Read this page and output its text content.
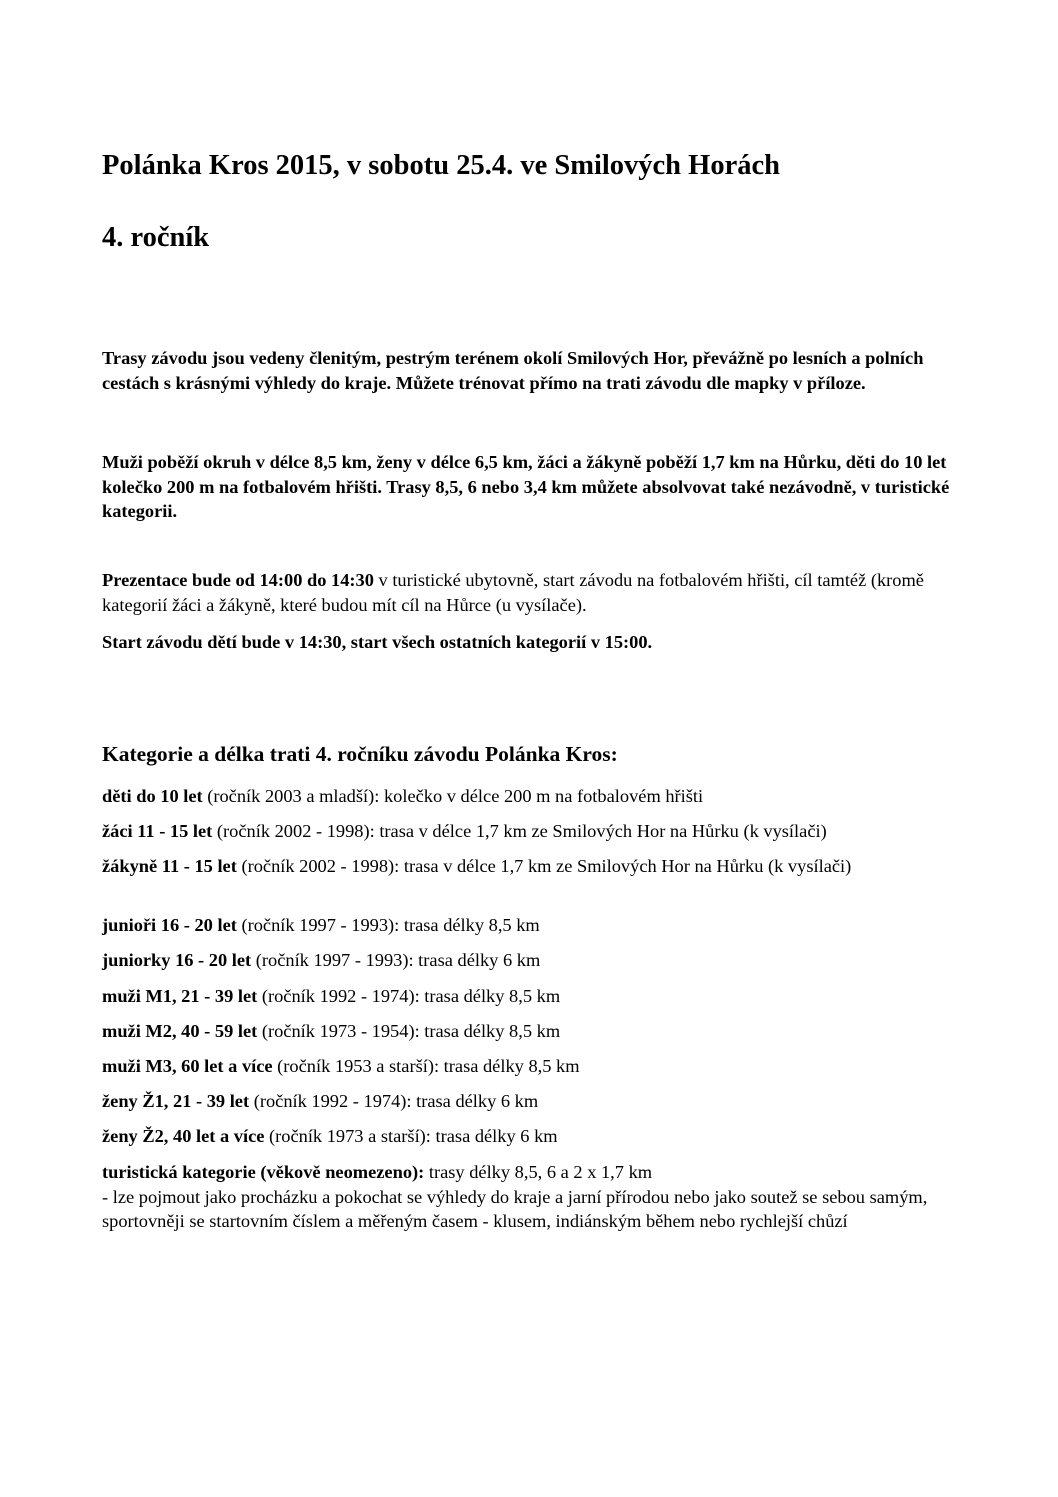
Polánka Kros 2015, v sobotu 25.4. ve Smilových Horách
4. ročník

Trasy závodu jsou vedeny členitým, pestrým terénem okolí Smilových Hor, převážně po lesních a polních cestách s krásnými výhledy do kraje. Můžete trénovat přímo na trati závodu dle mapky v příloze.

Muži poběží okruh v délce 8,5 km, ženy v délce 6,5 km, žáci a žákyně poběží 1,7 km na Hůrku, děti do 10 let kolečko 200 m na fotbalovém hřišti. Trasy 8,5, 6 nebo 3,4 km můžete absolvovat také nezávodně, v turistické kategorii.

Prezentace bude od 14:00 do 14:30 v turistické ubytovně, start závodu na fotbalovém hřišti, cíl tamtéž (kromě kategorií žáci a žákyně, které budou mít cíl na Hůrce (u vysílače).

Start závodu dětí bude v 14:30, start všech ostatních kategorií v 15:00.

Kategorie a délka trati 4. ročníku závodu Polánka Kros:

děti do 10 let (ročník 2003 a mladší): kolečko v délce 200 m na fotbalovém hřišti

žáci 11 - 15 let (ročník 2002 - 1998): trasa v délce 1,7 km ze Smilových Hor na Hůrku (k vysílači)

žákyně 11 - 15 let (ročník 2002 - 1998): trasa v délce 1,7 km ze Smilových Hor na Hůrku (k vysílači)

junioři 16 - 20 let (ročník 1997 - 1993): trasa délky 8,5 km

juniorky 16 - 20 let (ročník 1997 - 1993): trasa délky 6 km

muži M1, 21 - 39 let (ročník 1992 - 1974): trasa délky 8,5 km

muži M2, 40 - 59 let (ročník 1973 - 1954): trasa délky 8,5 km

muži M3, 60 let a více (ročník 1953 a starší): trasa délky 8,5 km

ženy Ž1, 21 - 39 let (ročník 1992 - 1974): trasa délky 6 km

ženy Ž2, 40 let a více (ročník 1973 a starší): trasa délky 6 km

turistická kategorie (věkově neomezeno): trasy délky 8,5, 6 a 2 x 1,7 km
- lze pojmout jako procházku a pokochat se výhledy do kraje a jarní přírodou nebo jako soutež se sebou samým, sportovněji se startovním číslem a měřeným časem - klusem, indiánským během nebo rychlejší chůzí
